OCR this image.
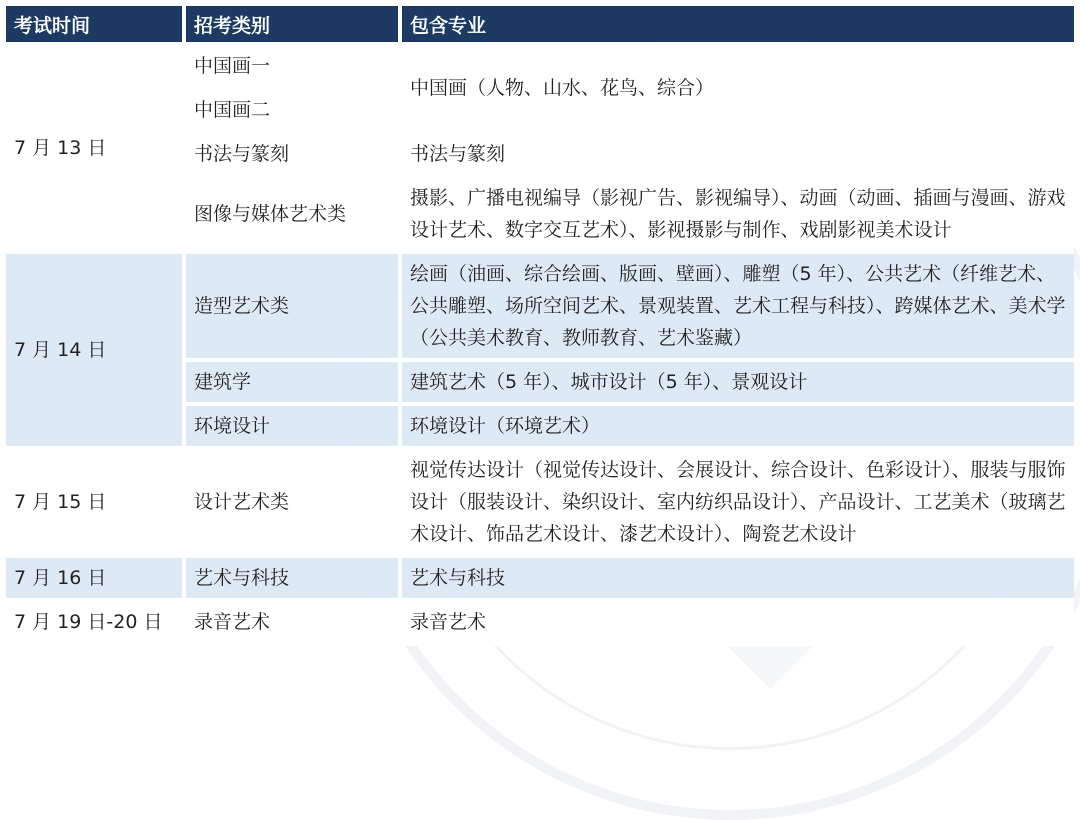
考试时间	招考类别	包含专业
7 月 13 日	中国画一	中国画（人物、山水、花鸟、综合）
	中国画二	
	书法与篆刻	书法与篆刻
	图像与媒体艺术类	摄影、广播电视编导（影视广告、影视编导）、动画（动画、插画与漫画、游戏设计艺术、数字交互艺术）、影视摄影与制作、戏剧影视美术设计
7 月 14 日	造型艺术类	绘画（油画、综合绘画、版画、壁画）、雕塑（5 年）、公共艺术（纤维艺术、公共雕塑、场所空间艺术、景观装置、艺术工程与科技）、跨媒体艺术、美术学（公共美术教育、教师教育、艺术鉴藏）
	建筑学	建筑艺术（5 年）、城市设计（5 年）、景观设计
	环境设计	环境设计（环境艺术）
7 月 15 日	设计艺术类	视觉传达设计（视觉传达设计、会展设计、综合设计、色彩设计）、服装与服饰设计（服装设计、染织设计、室内纺织品设计）、产品设计、工艺美术（玻璃艺术设计、饰品艺术设计、漆艺术设计）、陶瓷艺术设计
7 月 16 日	艺术与科技	艺术与科技
7 月 19 日-20 日	录音艺术	录音艺术
